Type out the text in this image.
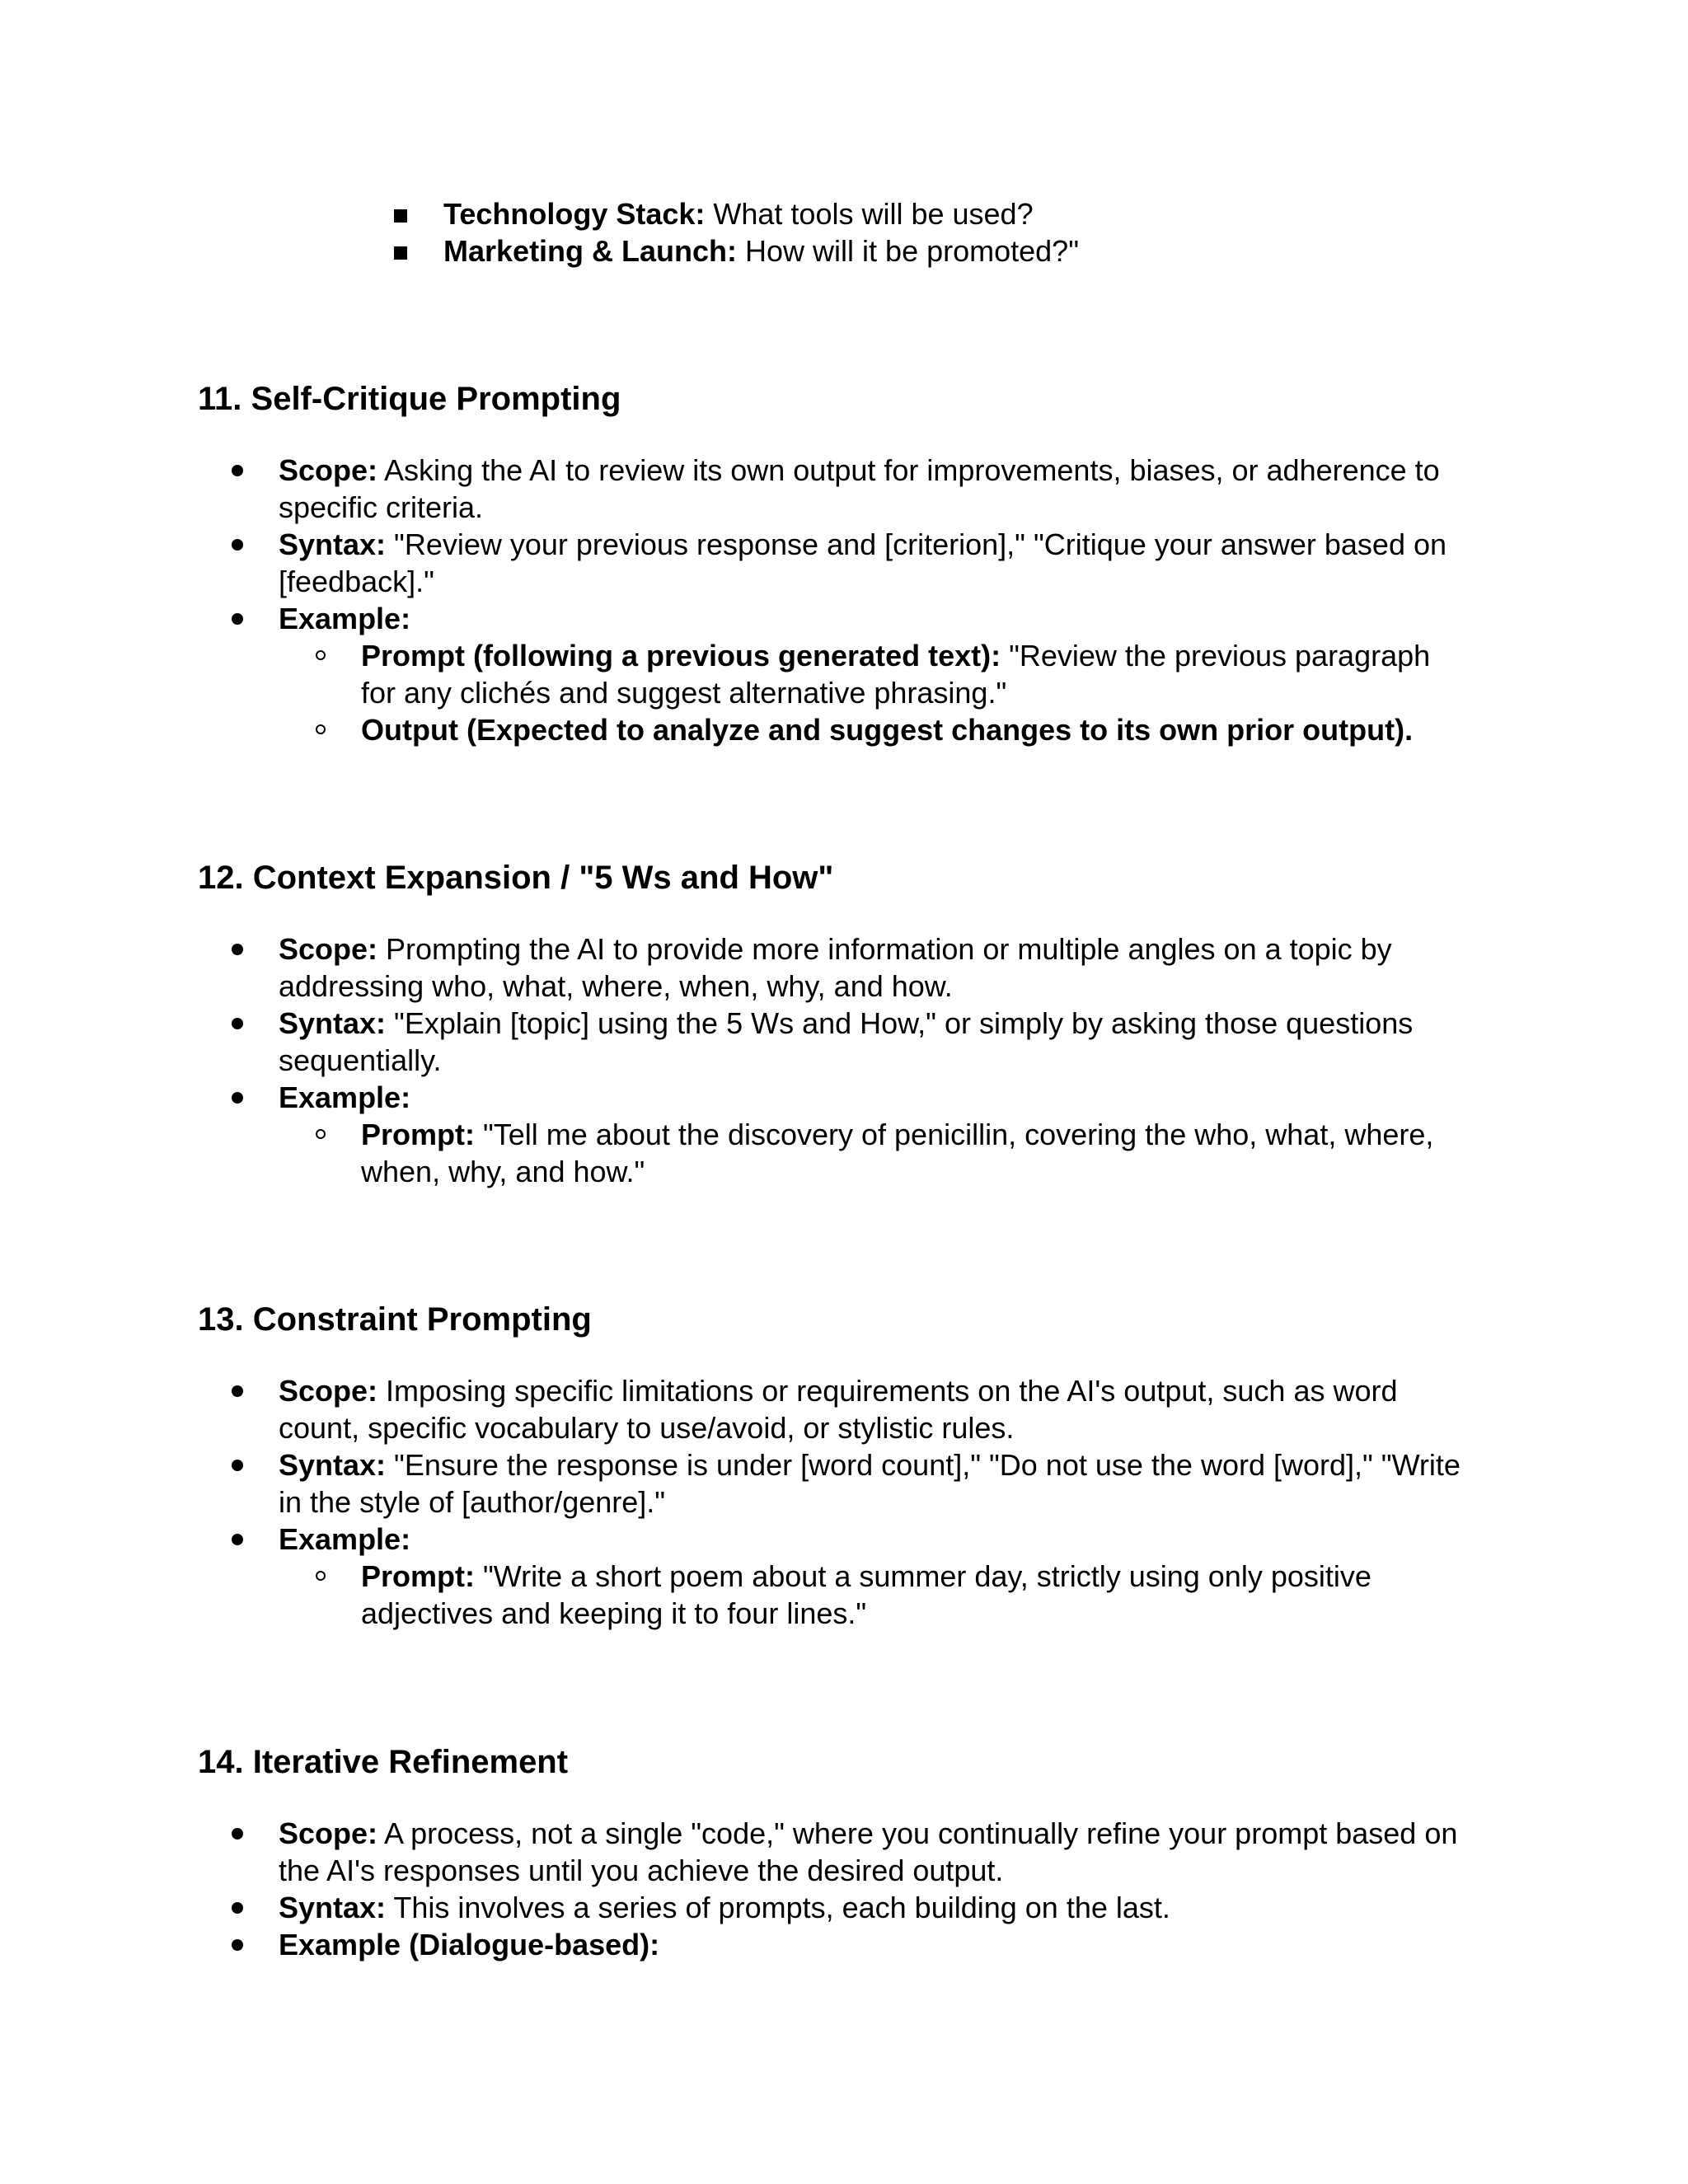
Technology Stack: What tools will be used?
Marketing & Launch: How will it be promoted?"
11. Self-Critique Prompting
Scope: Asking the AI to review its own output for improvements, biases, or adherence to
specific criteria.
Syntax: "Review your previous response and [criterion]," "Critique your answer based on
[feedback]."
Example:
Prompt (following a previous generated text): "Review the previous paragraph
for any clichés and suggest alternative phrasing."
Output (Expected to analyze and suggest changes to its own prior output).
12. Context Expansion / "5 Ws and How"
Scope: Prompting the AI to provide more information or multiple angles on a topic by
addressing who, what, where, when, why, and how.
Syntax: "Explain [topic] using the 5 Ws and How," or simply by asking those questions
sequentially.
Example:
Prompt: "Tell me about the discovery of penicillin, covering the who, what, where,
when, why, and how."
13. Constraint Prompting
Scope: Imposing specific limitations or requirements on the AI's output, such as word
count, specific vocabulary to use/avoid, or stylistic rules.
Syntax: "Ensure the response is under [word count]," "Do not use the word [word]," "Write
in the style of [author/genre]."
Example:
Prompt: "Write a short poem about a summer day, strictly using only positive
adjectives and keeping it to four lines."
14. Iterative Refinement
Scope: A process, not a single "code," where you continually refine your prompt based on
the AI's responses until you achieve the desired output.
Syntax: This involves a series of prompts, each building on the last.
Example (Dialogue-based):
